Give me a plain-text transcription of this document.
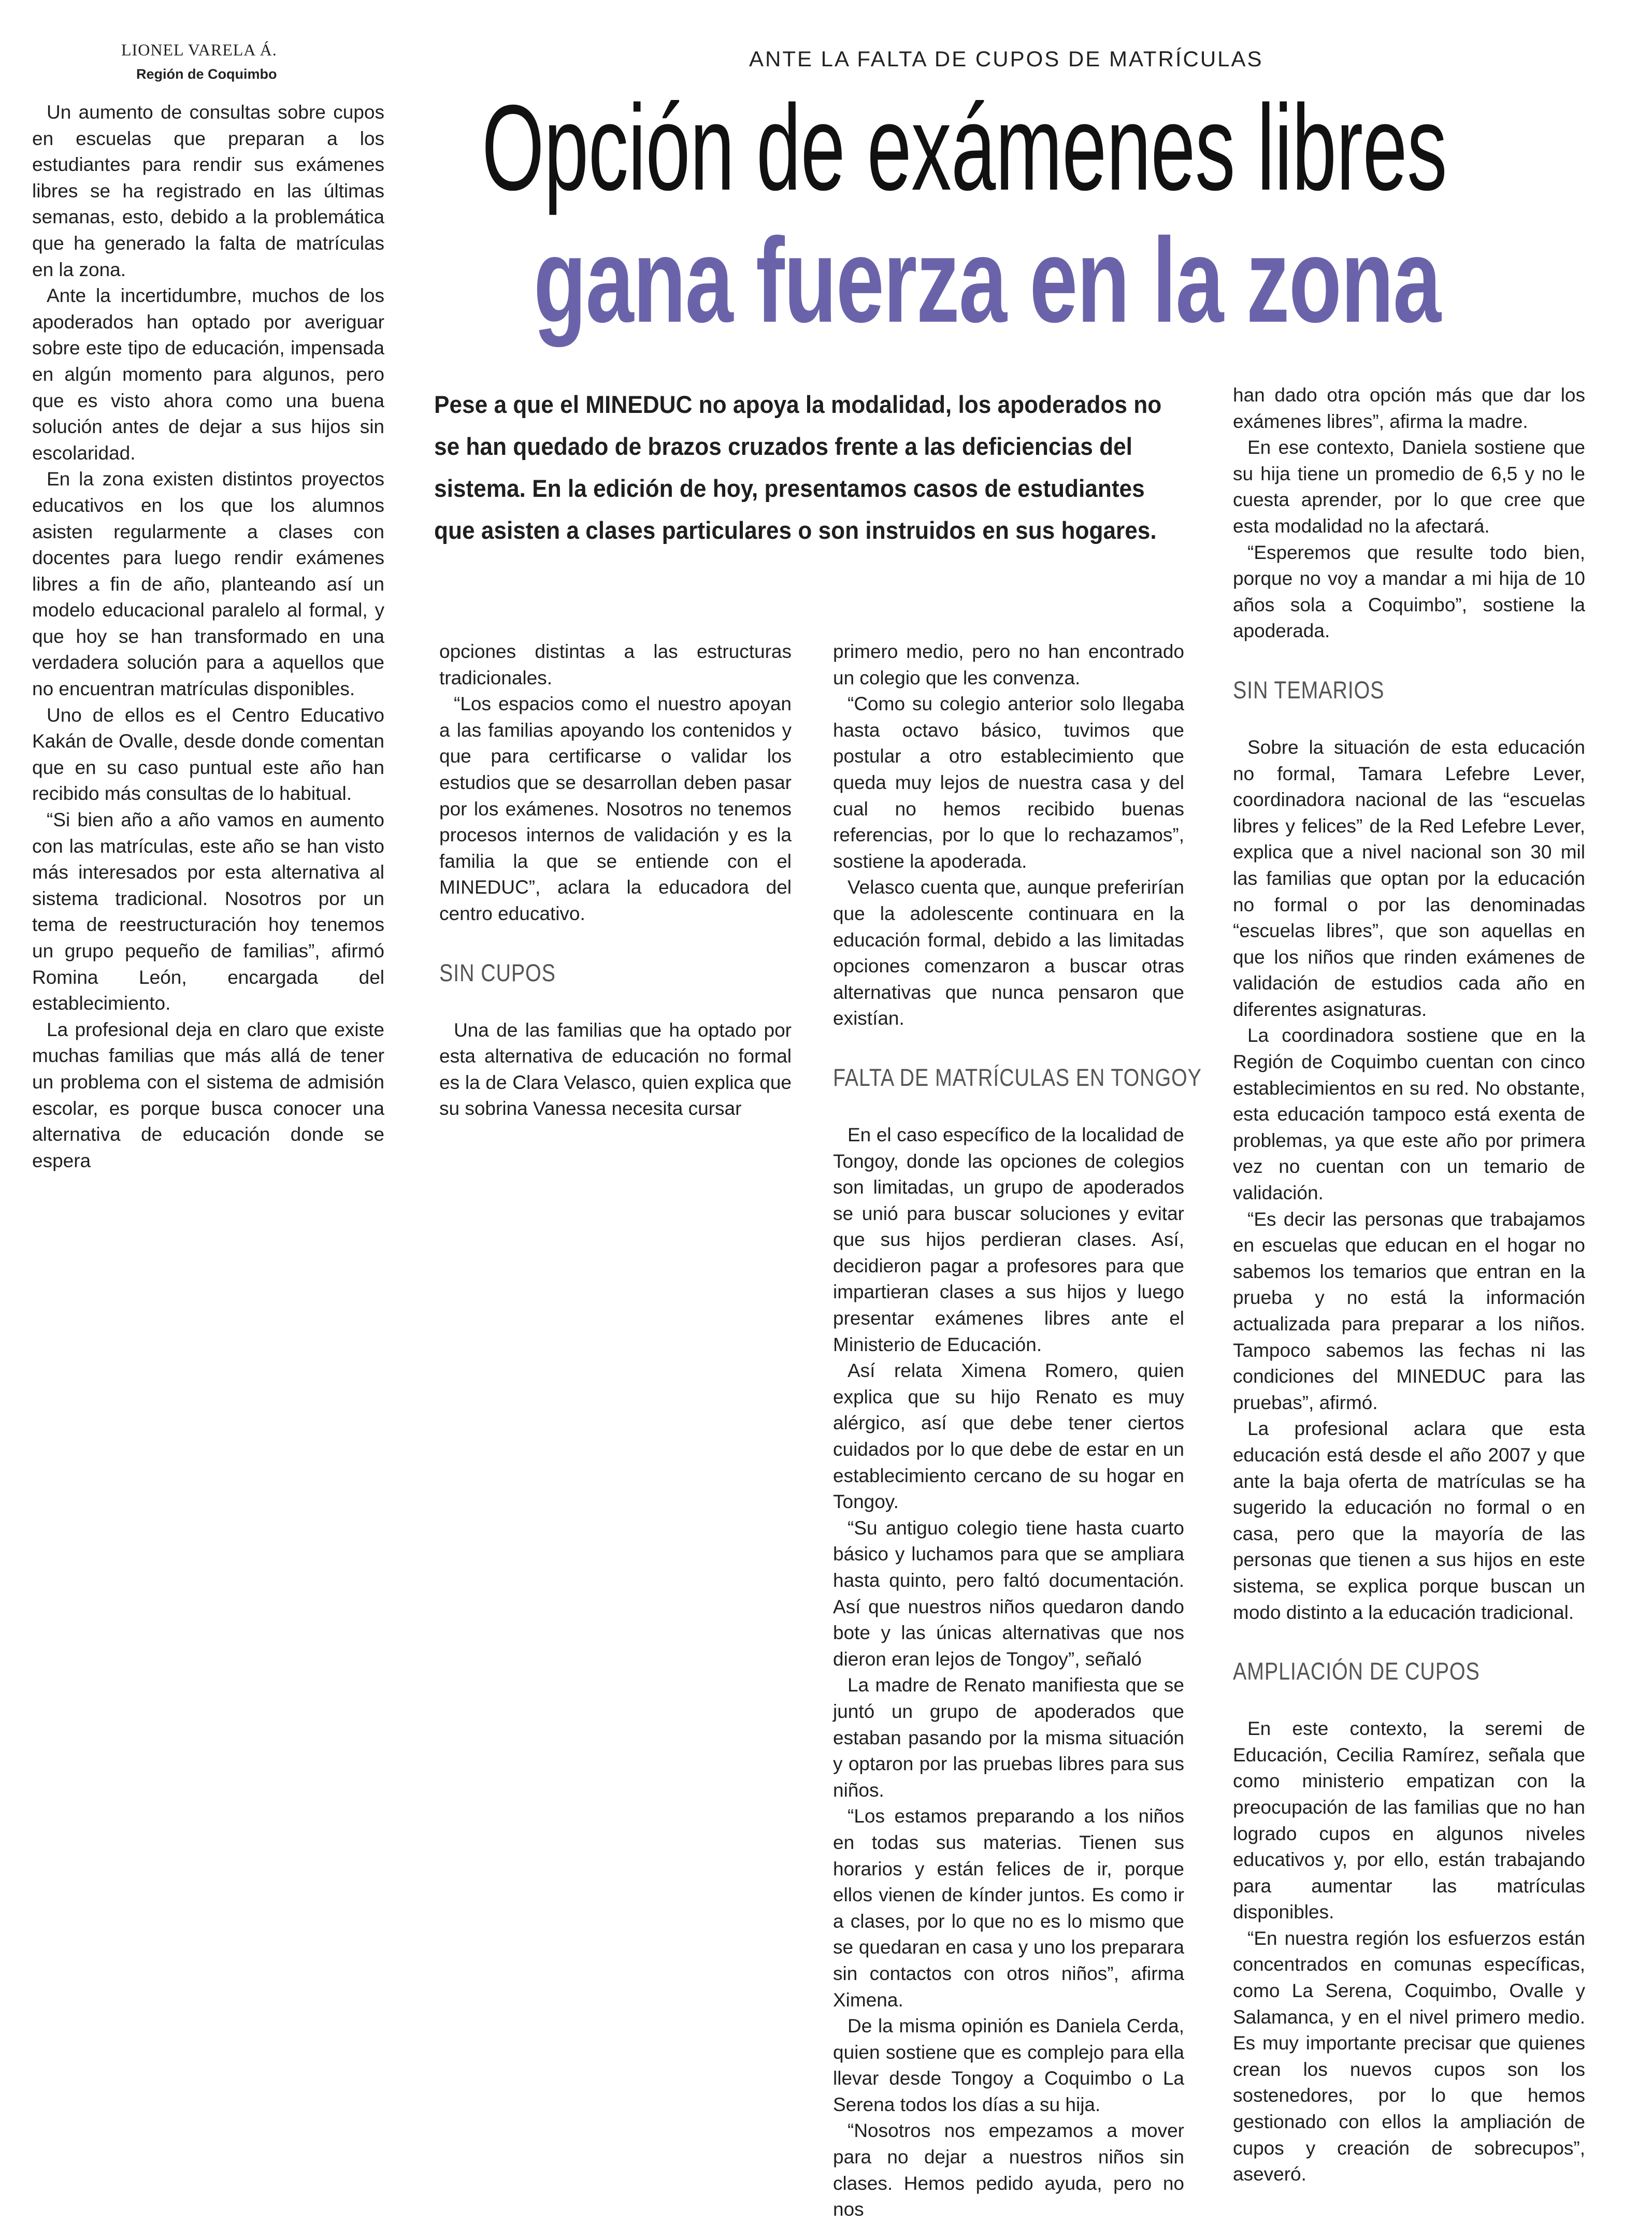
LIONEL VARELA Á.
Región de Coquimbo
ANTE LA FALTA DE CUPOS DE MATRÍCULAS
Opción de exámenes libres
gana fuerza en la zona
Pese a que el MINEDUC no apoya la modalidad, los apoderados no se han quedado de brazos cruzados frente a las deficiencias del sistema. En la edición de hoy, presentamos casos de estudiantes que asisten a clases particulares o son instruidos en sus hogares.

Un aumento de consultas sobre cupos en escuelas que preparan a los estudiantes para rendir sus exámenes libres se ha registrado en las últimas semanas, esto, debido a la problemática que ha generado la falta de matrículas en la zona.

Ante la incertidumbre, muchos de los apoderados han optado por averiguar sobre este tipo de educación, impensada en algún momento para algunos, pero que es visto ahora como una buena solución antes de dejar a sus hijos sin escolaridad.

En la zona existen distintos proyectos educativos en los que los alumnos asisten regularmente a clases con docentes para luego rendir exámenes libres a fin de año, planteando así un modelo educacional paralelo al formal, y que hoy se han transformado en una verdadera solución para a aquellos que no encuentran matrículas disponibles.

Uno de ellos es el Centro Educativo Kakán de Ovalle, desde donde comentan que en su caso puntual este año han recibido más consultas de lo habitual.

“Si bien año a año vamos en aumento con las matrículas, este año se han visto más interesados por esta alternativa al sistema tradicional. Nosotros por un tema de reestructuración hoy tenemos un grupo pequeño de familias”, afirmó Romina León, encargada del establecimiento.

La profesional deja en claro que existe muchas familias que más allá de tener un problema con el sistema de admisión escolar, es porque busca conocer una alternativa de educación donde se espera

opciones distintas a las estructuras tradicionales.

“Los espacios como el nuestro apoyan a las familias apoyando los contenidos y que para certificarse o validar los estudios que se desarrollan deben pasar por los exámenes. Nosotros no tenemos procesos internos de validación y es la familia la que se entiende con el MINEDUC”, aclara la educadora del centro educativo.

SIN CUPOS

Una de las familias que ha optado por esta alternativa de educación no formal es la de Clara Velasco, quien explica que su sobrina Vanessa necesita cursar

primero medio, pero no han encontrado un colegio que les convenza.

“Como su colegio anterior solo llegaba hasta octavo básico, tuvimos que postular a otro establecimiento que queda muy lejos de nuestra casa y del cual no hemos recibido buenas referencias, por lo que lo rechazamos”, sostiene la apoderada.

Velasco cuenta que, aunque preferirían que la adolescente continuara en la educación formal, debido a las limitadas opciones comenzaron a buscar otras alternativas que nunca pensaron que existían.

FALTA DE MATRÍCULAS EN TONGOY

En el caso específico de la localidad de Tongoy, donde las opciones de colegios son limitadas, un grupo de apoderados se unió para buscar soluciones y evitar que sus hijos perdieran clases. Así, decidieron pagar a profesores para que impartieran clases a sus hijos y luego presentar exámenes libres ante el Ministerio de Educación.

Así relata Ximena Romero, quien explica que su hijo Renato es muy alérgico, así que debe tener ciertos cuidados por lo que debe de estar en un establecimiento cercano de su hogar en Tongoy.

“Su antiguo colegio tiene hasta cuarto básico y luchamos para que se ampliara hasta quinto, pero faltó documentación. Así que nuestros niños quedaron dando bote y las únicas alternativas que nos dieron eran lejos de Tongoy”, señaló

La madre de Renato manifiesta que se juntó un grupo de apoderados que estaban pasando por la misma situación y optaron por las pruebas libres para sus niños.

“Los estamos preparando a los niños en todas sus materias. Tienen sus horarios y están felices de ir, porque ellos vienen de kínder juntos. Es como ir a clases, por lo que no es lo mismo que se quedaran en casa y uno los preparara sin contactos con otros niños”, afirma Ximena.

De la misma opinión es Daniela Cerda, quien sostiene que es complejo para ella llevar desde Tongoy a Coquimbo o La Serena todos los días a su hija.

“Nosotros nos empezamos a mover para no dejar a nuestros niños sin clases. Hemos pedido ayuda, pero no nos

han dado otra opción más que dar los exámenes libres”, afirma la madre.

En ese contexto, Daniela sostiene que su hija tiene un promedio de 6,5 y no le cuesta aprender, por lo que cree que esta modalidad no la afectará.

“Esperemos que resulte todo bien, porque no voy a mandar a mi hija de 10 años sola a Coquimbo”, sostiene la apoderada.

SIN TEMARIOS

Sobre la situación de esta educación no formal, Tamara Lefebre Lever, coordinadora nacional de las “escuelas libres y felices” de la Red Lefebre Lever, explica que a nivel nacional son 30 mil las familias que optan por la educación no formal o por las denominadas “escuelas libres”, que son aquellas en que los niños que rinden exámenes de validación de estudios cada año en diferentes asignaturas.

La coordinadora sostiene que en la Región de Coquimbo cuentan con cinco establecimientos en su red. No obstante, esta educación tampoco está exenta de problemas, ya que este año por primera vez no cuentan con un temario de validación.

“Es decir las personas que trabajamos en escuelas que educan en el hogar no sabemos los temarios que entran en la prueba y no está la información actualizada para preparar a los niños. Tampoco sabemos las fechas ni las condiciones del MINEDUC para las pruebas”, afirmó.

La profesional aclara que esta educación está desde el año 2007 y que ante la baja oferta de matrículas se ha sugerido la educación no formal o en casa, pero que la mayoría de las personas que tienen a sus hijos en este sistema, se explica porque buscan un modo distinto a la educación tradicional.

AMPLIACIÓN DE CUPOS

En este contexto, la seremi de Educación, Cecilia Ramírez, señala que como ministerio empatizan con la preocupación de las familias que no han logrado cupos en algunos niveles educativos y, por ello, están trabajando para aumentar las matrículas disponibles.

“En nuestra región los esfuerzos están concentrados en comunas específicas, como La Serena, Coquimbo, Ovalle y Salamanca, y en el nivel primero medio. Es muy importante precisar que quienes crean los nuevos cupos son los sostenedores, por lo que hemos gestionado con ellos la ampliación de cupos y creación de sobrecupos”, aseveró.
